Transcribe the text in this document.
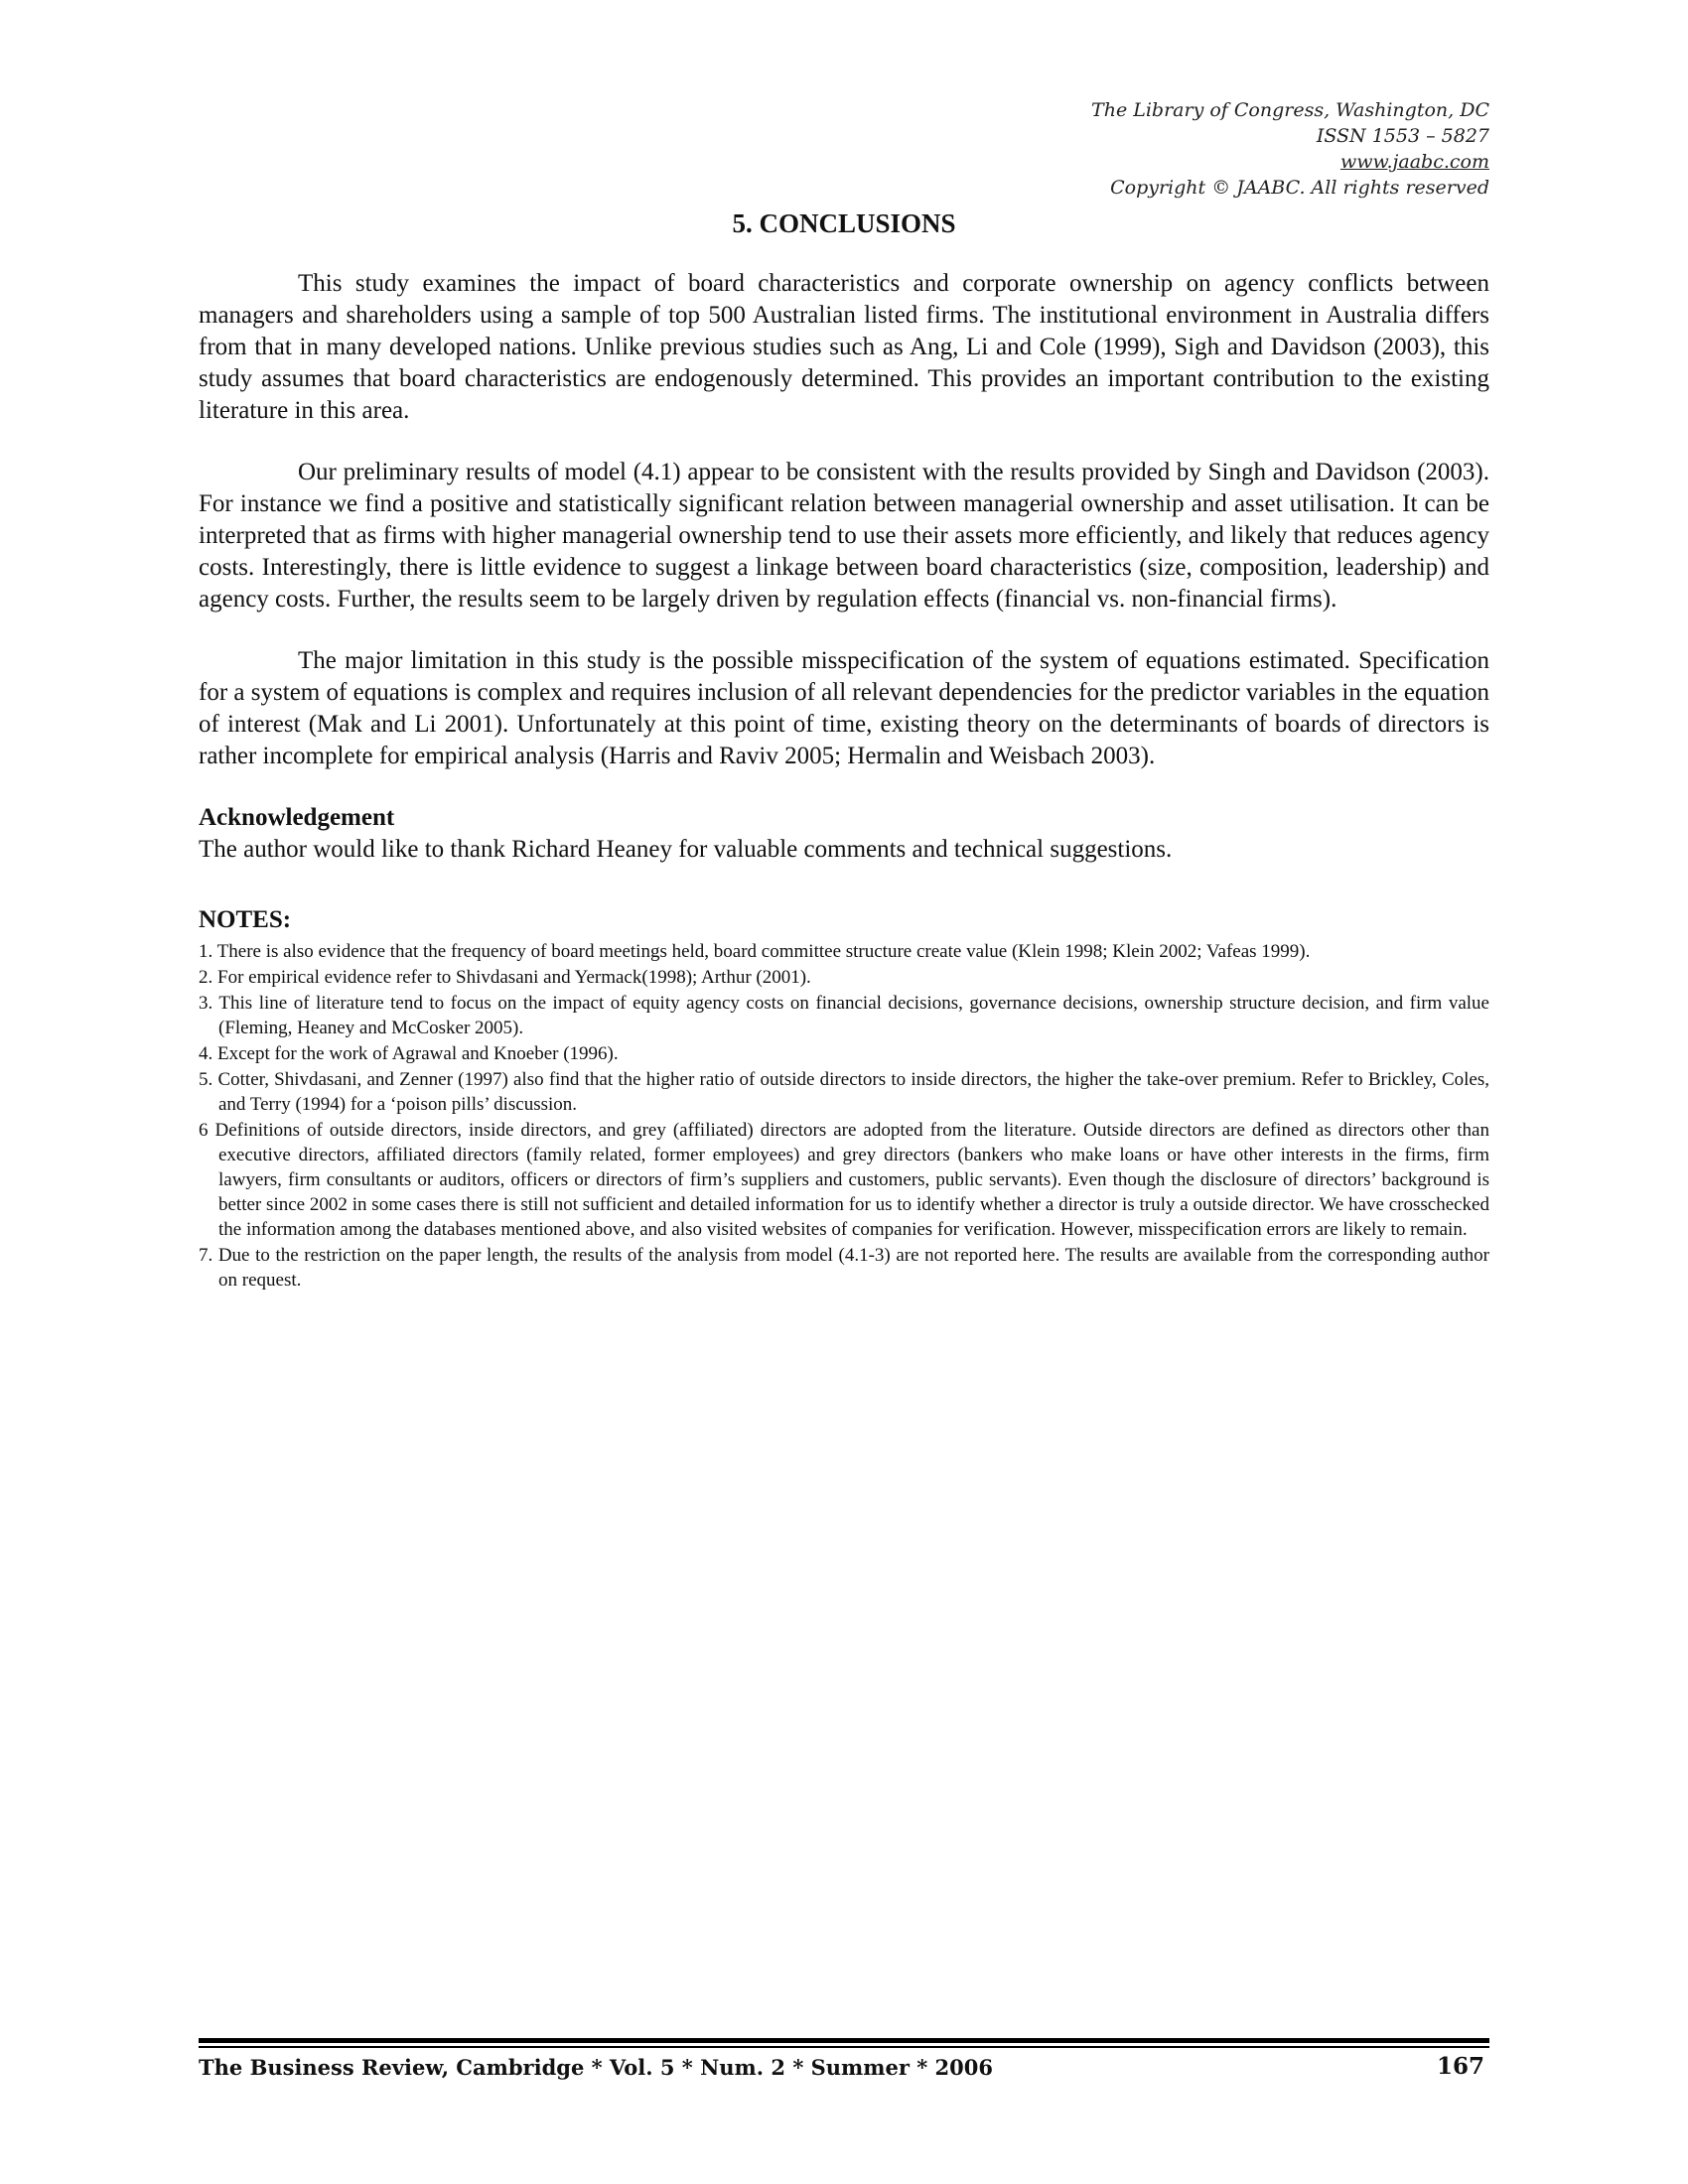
The Library of Congress, Washington, DC
ISSN 1553 – 5827
www.jaabc.com
Copyright © JAABC. All rights reserved
5. CONCLUSIONS

This study examines the impact of board characteristics and corporate ownership on agency conflicts between managers and shareholders using a sample of top 500 Australian listed firms. The institutional environment in Australia differs from that in many developed nations. Unlike previous studies such as Ang, Li and Cole (1999), Sigh and Davidson (2003), this study assumes that board characteristics are endogenously determined. This provides an important contribution to the existing literature in this area.

Our preliminary results of model (4.1) appear to be consistent with the results provided by Singh and Davidson (2003). For instance we find a positive and statistically significant relation between managerial ownership and asset utilisation. It can be interpreted that as firms with higher managerial ownership tend to use their assets more efficiently, and likely that reduces agency costs. Interestingly, there is little evidence to suggest a linkage between board characteristics (size, composition, leadership) and agency costs. Further, the results seem to be largely driven by regulation effects (financial vs. non-financial firms).

The major limitation in this study is the possible misspecification of the system of equations estimated. Specification for a system of equations is complex and requires inclusion of all relevant dependencies for the predictor variables in the equation of interest (Mak and Li 2001). Unfortunately at this point of time, existing theory on the determinants of boards of directors is rather incomplete for empirical analysis (Harris and Raviv 2005; Hermalin and Weisbach 2003).

Acknowledgement
The author would like to thank Richard Heaney for valuable comments and technical suggestions.
NOTES:
1. There is also evidence that the frequency of board meetings held, board committee structure create value (Klein 1998; Klein 2002; Vafeas 1999).
2. For empirical evidence refer to Shivdasani and Yermack(1998); Arthur (2001).
3. This line of literature tend to focus on the impact of equity agency costs on financial decisions, governance decisions, ownership structure decision, and firm value (Fleming, Heaney and McCosker 2005).
4. Except for the work of Agrawal and Knoeber (1996).
5. Cotter, Shivdasani, and Zenner (1997) also find that the higher ratio of outside directors to inside directors, the higher the take-over premium. Refer to Brickley, Coles, and Terry (1994) for a ‘poison pills’ discussion.
6 Definitions of outside directors, inside directors, and grey (affiliated) directors are adopted from the literature. Outside directors are defined as directors other than executive directors, affiliated directors (family related, former employees) and grey directors (bankers who make loans or have other interests in the firms, firm lawyers, firm consultants or auditors, officers or directors of firm’s suppliers and customers, public servants). Even though the disclosure of directors’ background is better since 2002 in some cases there is still not sufficient and detailed information for us to identify whether a director is truly a outside director. We have crosschecked the information among the databases mentioned above, and also visited websites of companies for verification. However, misspecification errors are likely to remain.
7. Due to the restriction on the paper length, the results of the analysis from model (4.1-3) are not reported here. The results are available from the corresponding author on request.
The Business Review, Cambridge * Vol. 5 * Num. 2 * Summer * 2006	167
